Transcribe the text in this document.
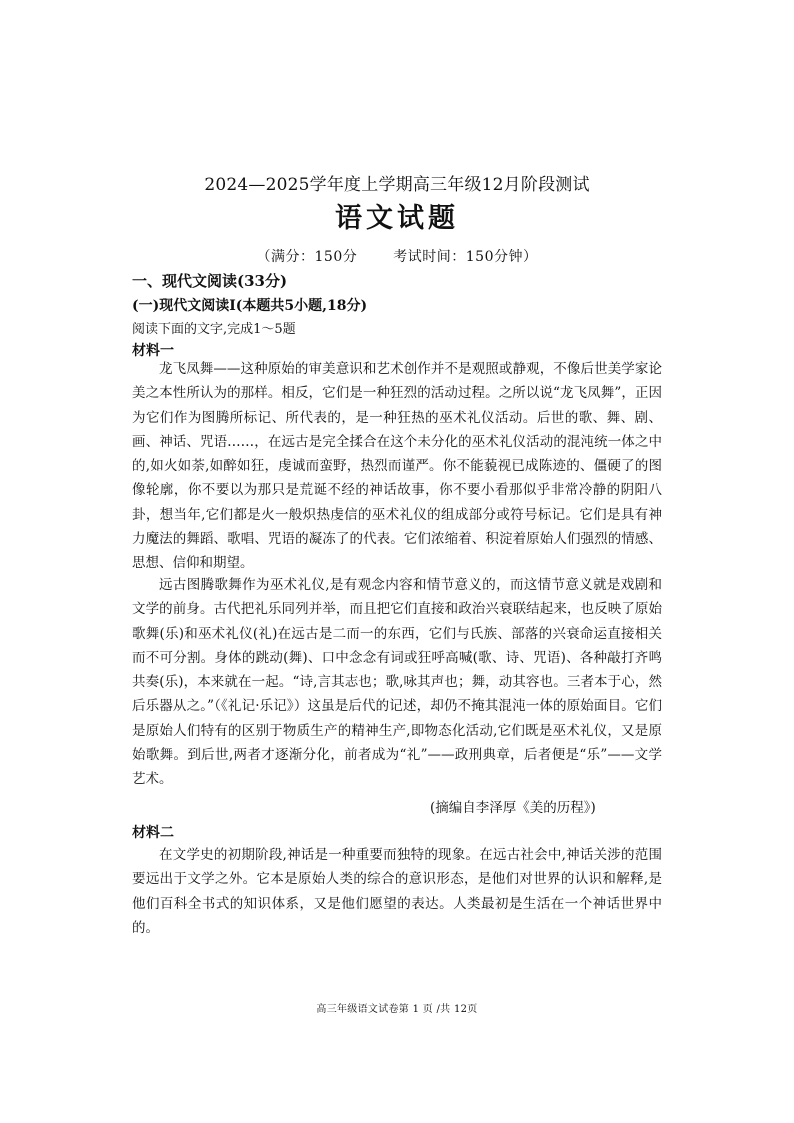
2024—2025学年度上学期高三年级12月阶段测试
语文试题
（满分：150分	考试时间：150分钟）
一、现代文阅读(33分)
(一)现代文阅读Ⅰ(本题共5小题,18分)
阅读下面的文字,完成1～5题
材料一
龙飞凤舞——这种原始的审美意识和艺术创作并不是观照或静观，不像后世美学家论美之本性所认为的那样。相反，它们是一种狂烈的活动过程。之所以说“龙飞凤舞”，正因为它们作为图腾所标记、所代表的，是一种狂热的巫术礼仪活动。后世的歌、舞、剧、画、神话、咒语……，在远古是完全揉合在这个未分化的巫术礼仪活动的混沌统一体之中的,如火如荼,如醉如狂，虔诚而蛮野，热烈而谨严。你不能藐视已成陈迹的、僵硬了的图像轮廓，你不要以为那只是荒诞不经的神话故事，你不要小看那似乎非常冷静的阴阳八卦，想当年,它们都是火一般炽热虔信的巫术礼仪的组成部分或符号标记。它们是具有神力魔法的舞蹈、歌唱、咒语的凝冻了的代表。它们浓缩着、积淀着原始人们强烈的情感、思想、信仰和期望。
远古图腾歌舞作为巫术礼仪,是有观念内容和情节意义的，而这情节意义就是戏剧和文学的前身。古代把礼乐同列并举，而且把它们直接和政治兴衰联结起来，也反映了原始歌舞(乐)和巫术礼仪(礼)在远古是二而一的东西，它们与氏族、部落的兴衰命运直接相关而不可分割。身体的跳动(舞)、口中念念有词或狂呼高喊(歌、诗、咒语)、各种敲打齐鸣共奏(乐)，本来就在一起。“诗,言其志也；歌,咏其声也；舞，动其容也。三者本于心，然后乐器从之。”（《礼记·乐记》）这虽是后代的记述，却仍不掩其混沌一体的原始面目。它们是原始人们特有的区别于物质生产的精神生产,即物态化活动,它们既是巫术礼仪，又是原始歌舞。到后世,两者才逐渐分化，前者成为“礼”——政刑典章，后者便是“乐”——文学艺术。
(摘编自李泽厚《美的历程》)
材料二
在文学史的初期阶段,神话是一种重要而独特的现象。在远古社会中,神话关涉的范围要远出于文学之外。它本是原始人类的综合的意识形态，是他们对世界的认识和解释,是他们百科全书式的知识体系，又是他们愿望的表达。人类最初是生活在一个神话世界中的。
高三年级语文试卷第 1 页 /共 12页
